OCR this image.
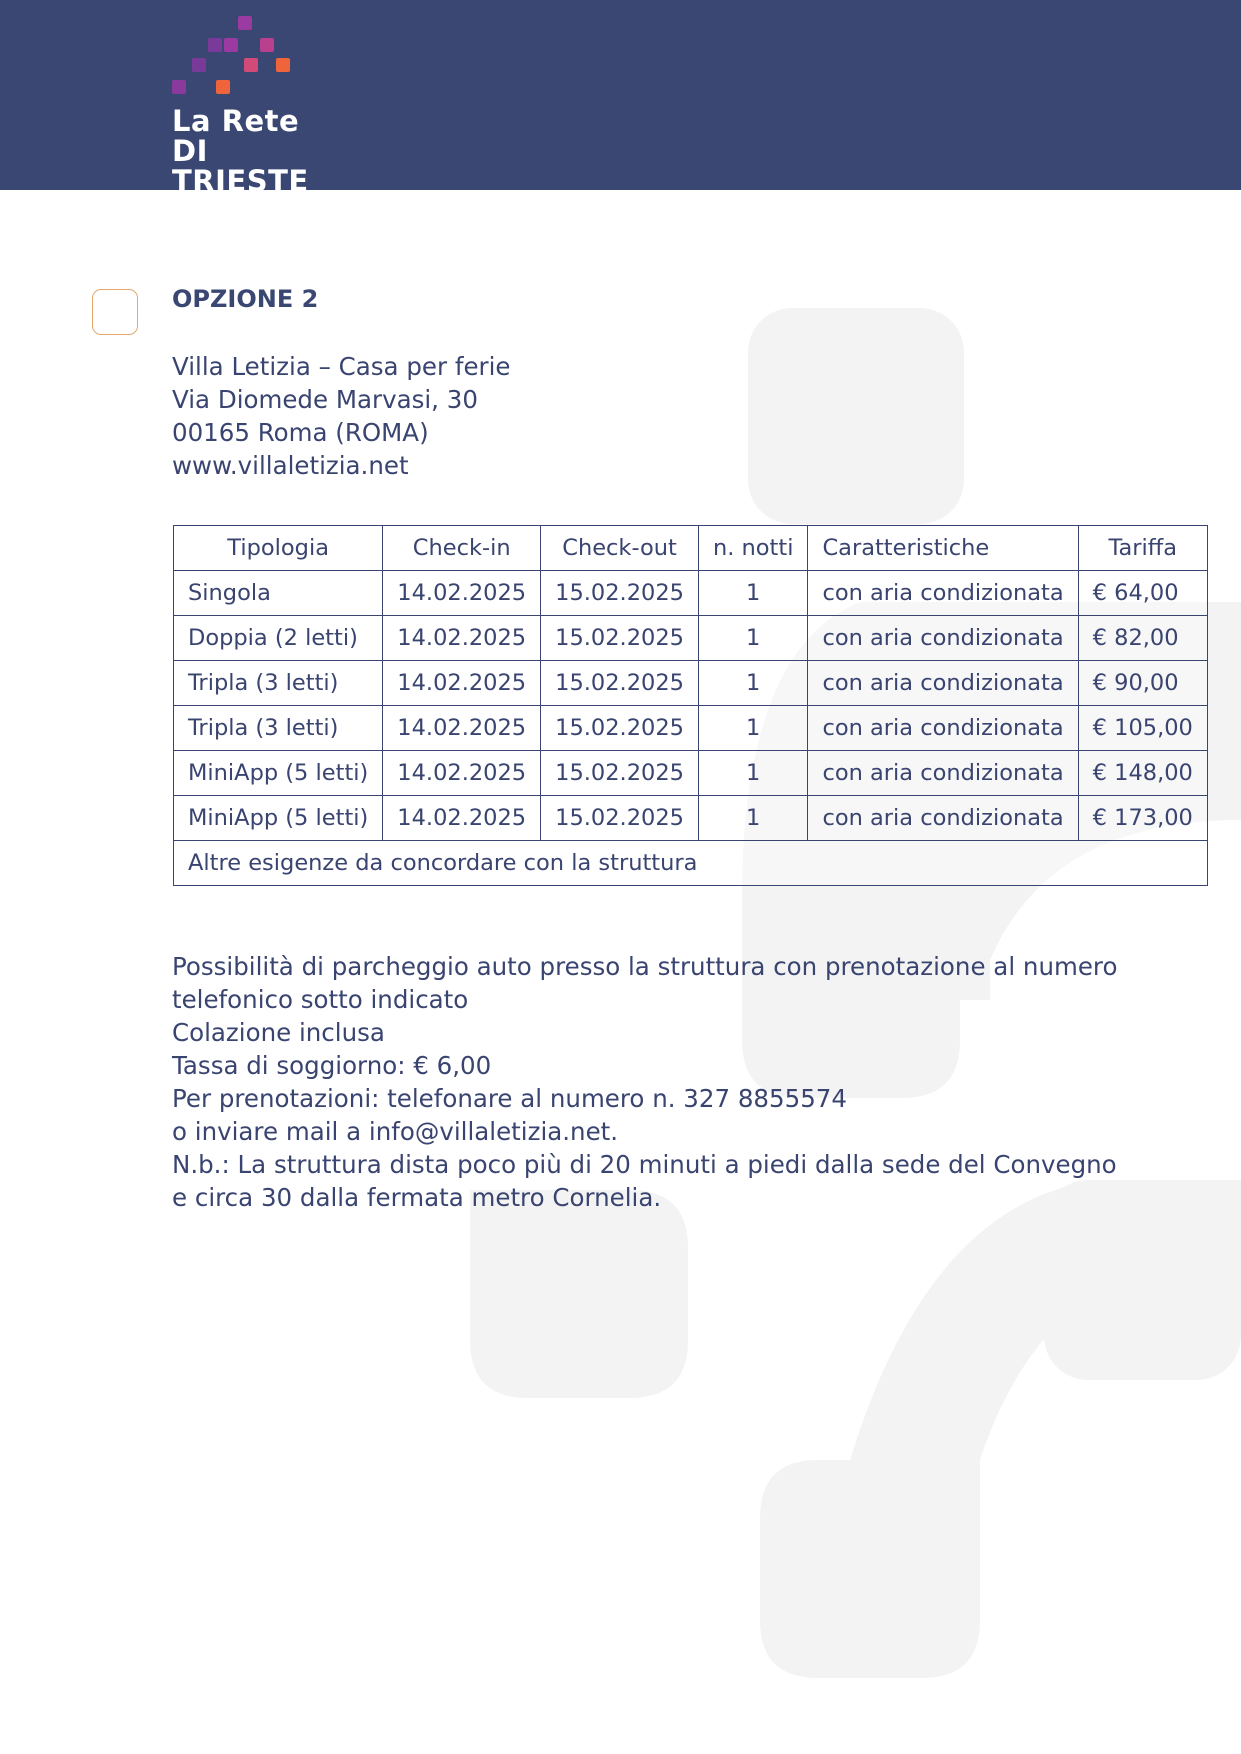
La Rete
DI TRIESTE
OPZIONE 2
Villa Letizia – Casa per ferie
Via Diomede Marvasi, 30
00165 Roma (ROMA)
www.villaletizia.net
Tipologia	Check-in	Check-out	n. notti	Caratteristiche	Tariffa
Singola	14.02.2025	15.02.2025	1	con aria condizionata	€ 64,00
Doppia (2 letti)	14.02.2025	15.02.2025	1	con aria condizionata	€ 82,00
Tripla (3 letti)	14.02.2025	15.02.2025	1	con aria condizionata	€ 90,00
Tripla (3 letti)	14.02.2025	15.02.2025	1	con aria condizionata	€ 105,00
MiniApp (5 letti)	14.02.2025	15.02.2025	1	con aria condizionata	€ 148,00
MiniApp (5 letti)	14.02.2025	15.02.2025	1	con aria condizionata	€ 173,00
Altre esigenze da concordare con la struttura					
Possibilità di parcheggio auto presso la struttura con prenotazione al numero
telefonico sotto indicato
Colazione inclusa
Tassa di soggiorno: € 6,00
Per prenotazioni: telefonare al numero n. 327 8855574
o inviare mail a info@villaletizia.net.
N.b.: La struttura dista poco più di 20 minuti a piedi dalla sede del Convegno
e circa 30 dalla fermata metro Cornelia.
